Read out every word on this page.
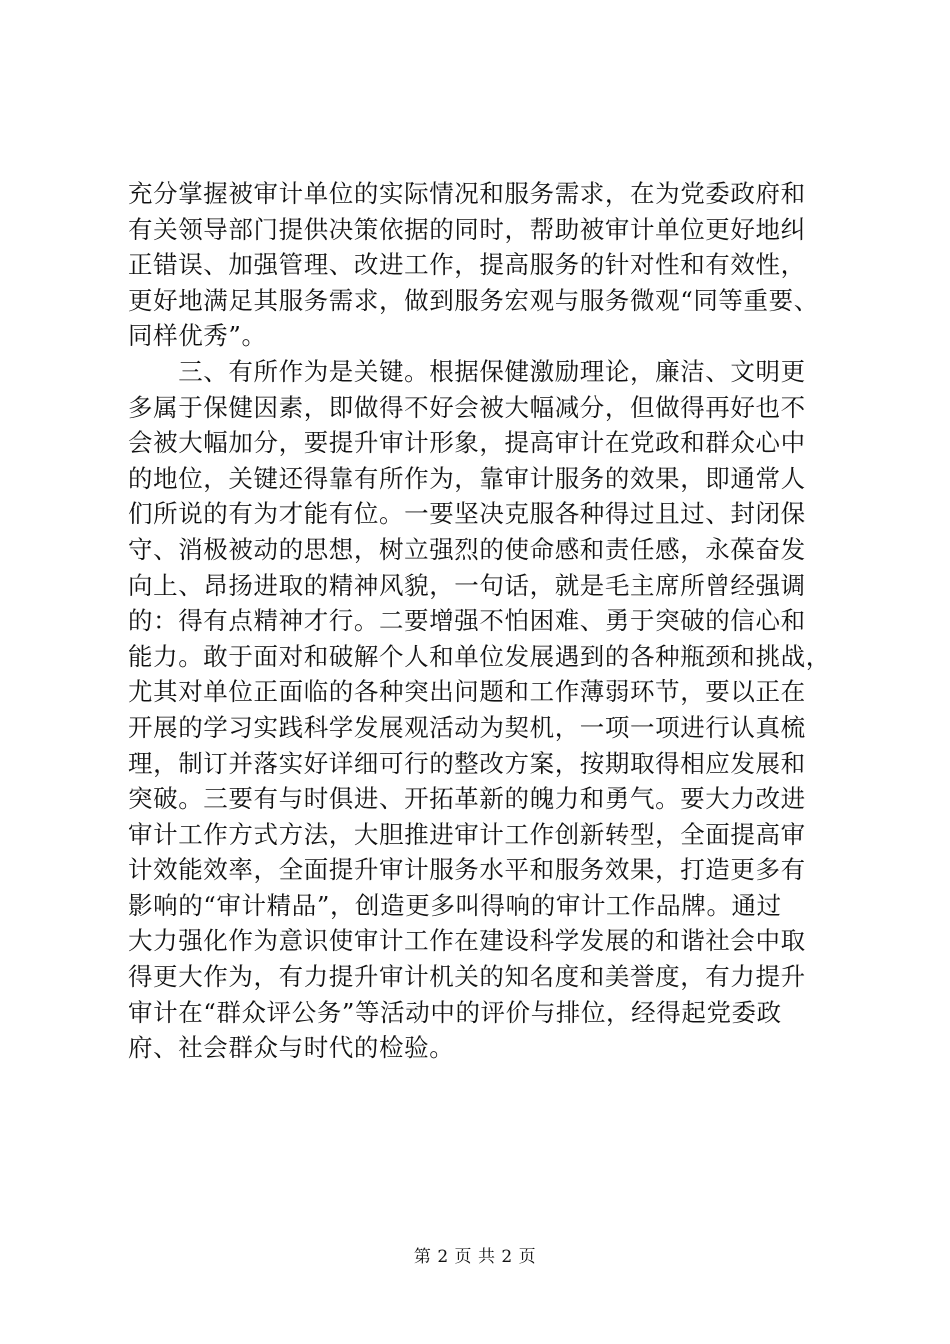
充分掌握被审计单位的实际情况和服务需求，在为党委政府和
有关领导部门提供决策依据的同时，帮助被审计单位更好地纠
正错误、加强管理、改进工作，提高服务的针对性和有效性，
更好地满足其服务需求，做到服务宏观与服务微观“同等重要、
同样优秀”。
　　三、有所作为是关键。根据保健激励理论，廉洁、文明更
多属于保健因素，即做得不好会被大幅减分，但做得再好也不
会被大幅加分，要提升审计形象，提高审计在党政和群众心中
的地位，关键还得靠有所作为，靠审计服务的效果，即通常人
们所说的有为才能有位。一要坚决克服各种得过且过、封闭保
守、消极被动的思想，树立强烈的使命感和责任感，永葆奋发
向上、昂扬进取的精神风貌，一句话，就是毛主席所曾经强调
的：得有点精神才行。二要增强不怕困难、勇于突破的信心和
能力。敢于面对和破解个人和单位发展遇到的各种瓶颈和挑战，
尤其对单位正面临的各种突出问题和工作薄弱环节，要以正在
开展的学习实践科学发展观活动为契机，一项一项进行认真梳
理，制订并落实好详细可行的整改方案，按期取得相应发展和
突破。三要有与时俱进、开拓革新的魄力和勇气。要大力改进
审计工作方式方法，大胆推进审计工作创新转型，全面提高审
计效能效率，全面提升审计服务水平和服务效果，打造更多有
影响的“审计精品”，创造更多叫得响的审计工作品牌。通过
大力强化作为意识使审计工作在建设科学发展的和谐社会中取
得更大作为，有力提升审计机关的知名度和美誉度，有力提升
审计在“群众评公务”等活动中的评价与排位，经得起党委政
府、社会群众与时代的检验。
第 2 页 共 2 页
